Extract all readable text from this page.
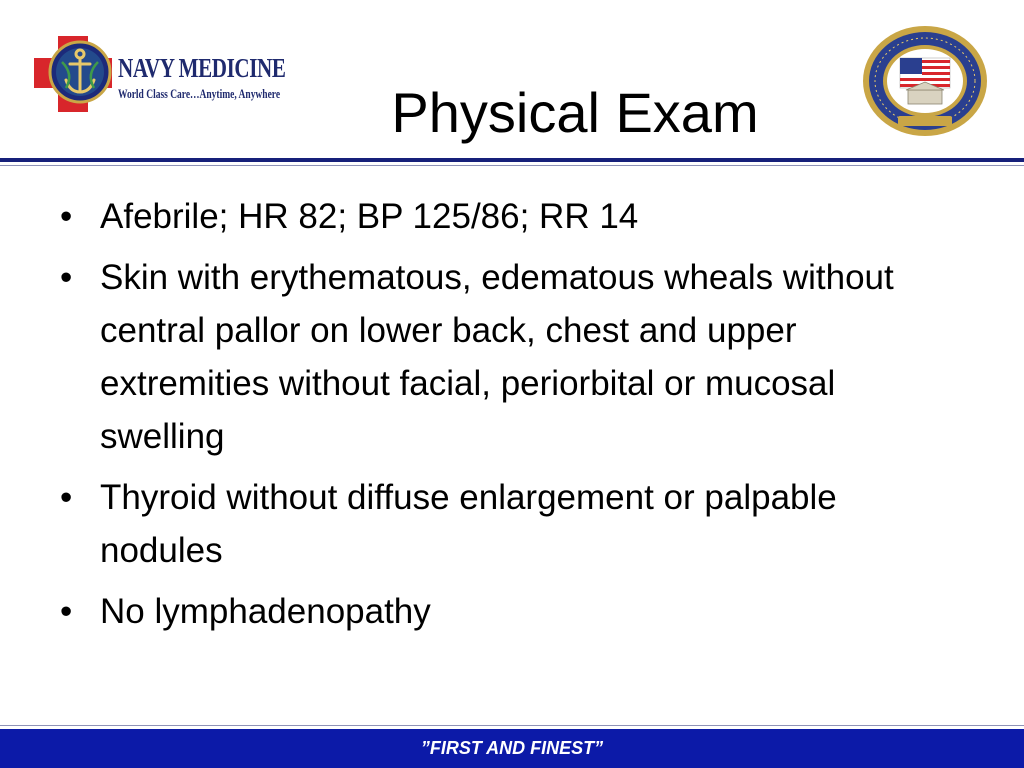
NAVY MEDICINE
World Class Care…Anytime, Anywhere	Physical Exam
• Afebrile; HR 82; BP 125/86; RR 14
• Skin with erythematous, edematous wheals without central pallor on lower back, chest and upper extremities without facial, periorbital or mucosal swelling
• Thyroid without diffuse enlargement or palpable nodules
• No lymphadenopathy
”FIRST AND FINEST”
